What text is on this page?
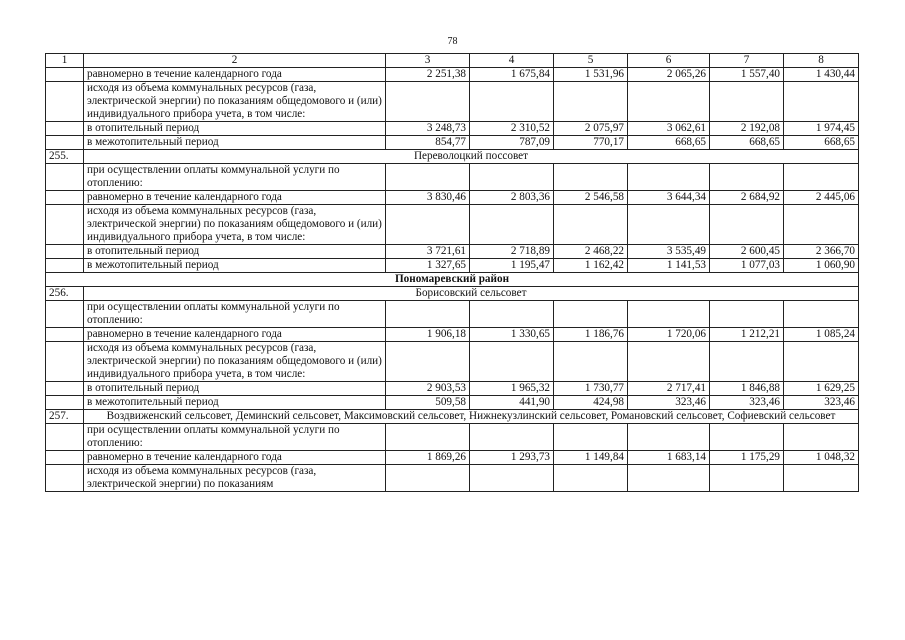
78
1	2	3	4	5	6	7	8
	равномерно в течение календарного года	2 251,38	1 675,84	1 531,96	2 065,26	1 557,40	1 430,44
	исходя из объема коммунальных ресурсов (газа, электрической энергии) по показаниям общедомового и (или) индивидуального прибора учета, в том числе:						
	в отопительный период	3 248,73	2 310,52	2 075,97	3 062,61	2 192,08	1 974,45
	в межотопительный период	854,77	787,09	770,17	668,65	668,65	668,65
255.	Переволоцкий поссовет						
	при осуществлении оплаты коммунальной услуги по отоплению:						
	равномерно в течение календарного года	3 830,46	2 803,36	2 546,58	3 644,34	2 684,92	2 445,06
	исходя из объема коммунальных ресурсов (газа, электрической энергии) по показаниям общедомового и (или) индивидуального прибора учета, в том числе:						
	в отопительный период	3 721,61	2 718,89	2 468,22	3 535,49	2 600,45	2 366,70
	в межотопительный период	1 327,65	1 195,47	1 162,42	1 141,53	1 077,03	1 060,90
Пономаревский район							
256.	Борисовский сельсовет						
	при осуществлении оплаты коммунальной услуги по отоплению:						
	равномерно в течение календарного года	1 906,18	1 330,65	1 186,76	1 720,06	1 212,21	1 085,24
	исходя из объема коммунальных ресурсов (газа, электрической энергии) по показаниям общедомового и (или) индивидуального прибора учета, в том числе:						
	в отопительный период	2 903,53	1 965,32	1 730,77	2 717,41	1 846,88	1 629,25
	в межотопительный период	509,58	441,90	424,98	323,46	323,46	323,46
257.	Воздвиженский сельсовет, Деминский сельсовет, Максимовский сельсовет, Нижнекузлинский сельсовет, Романовский сельсовет, Софиевский сельсовет						
	при осуществлении оплаты коммунальной услуги по отоплению:						
	равномерно в течение календарного года	1 869,26	1 293,73	1 149,84	1 683,14	1 175,29	1 048,32
	исходя из объема коммунальных ресурсов (газа, электрической энергии) по показаниям						
